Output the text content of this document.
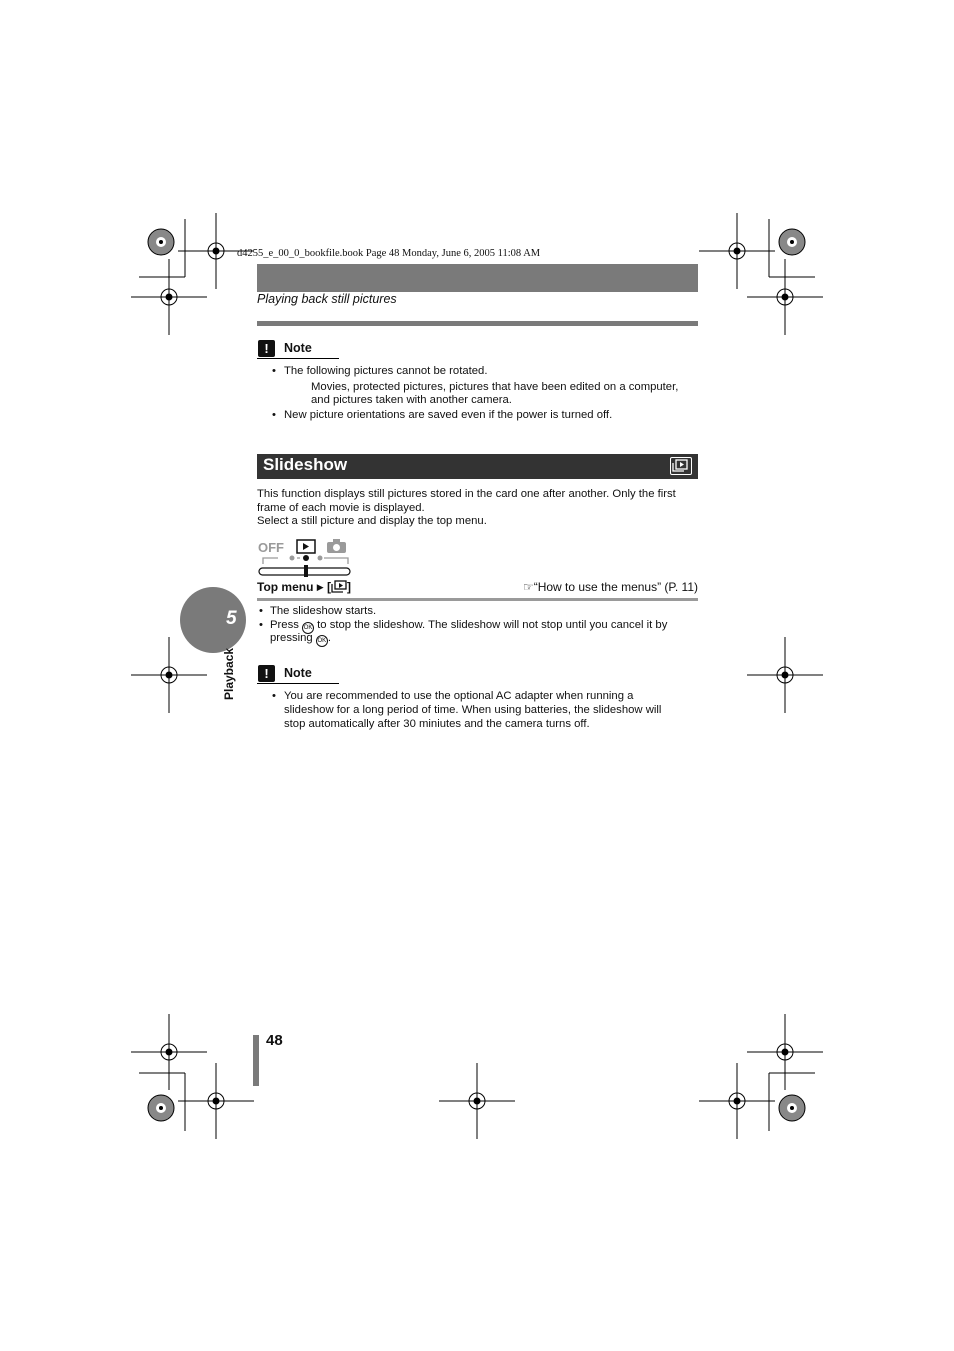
d4255_e_00_0_bookfile.book Page 48 Monday, June 6, 2005 11:08 AM
Playing back still pictures
!	Note
• The following pictures cannot be rotated.
Movies, protected pictures, pictures that have been edited on a computer,
and pictures taken with another camera.
• New picture orientations are saved even if the power is turned off.
Slideshow
This function displays still pictures stored in the card one after another. Only the first
frame of each movie is displayed.
Select a still picture and display the top menu.
OFF
Top menu ▶ [ ]	☞“How to use the menus” (P. 11)
• The slideshow starts.
• Press OK to stop the slideshow. The slideshow will not stop until you cancel it by
pressing OK .
!	Note
• You are recommended to use the optional AC adapter when running a
slideshow for a long period of time. When using batteries, the slideshow will
stop automatically after 30 miniutes and the camera turns off.
5
Playback
48
